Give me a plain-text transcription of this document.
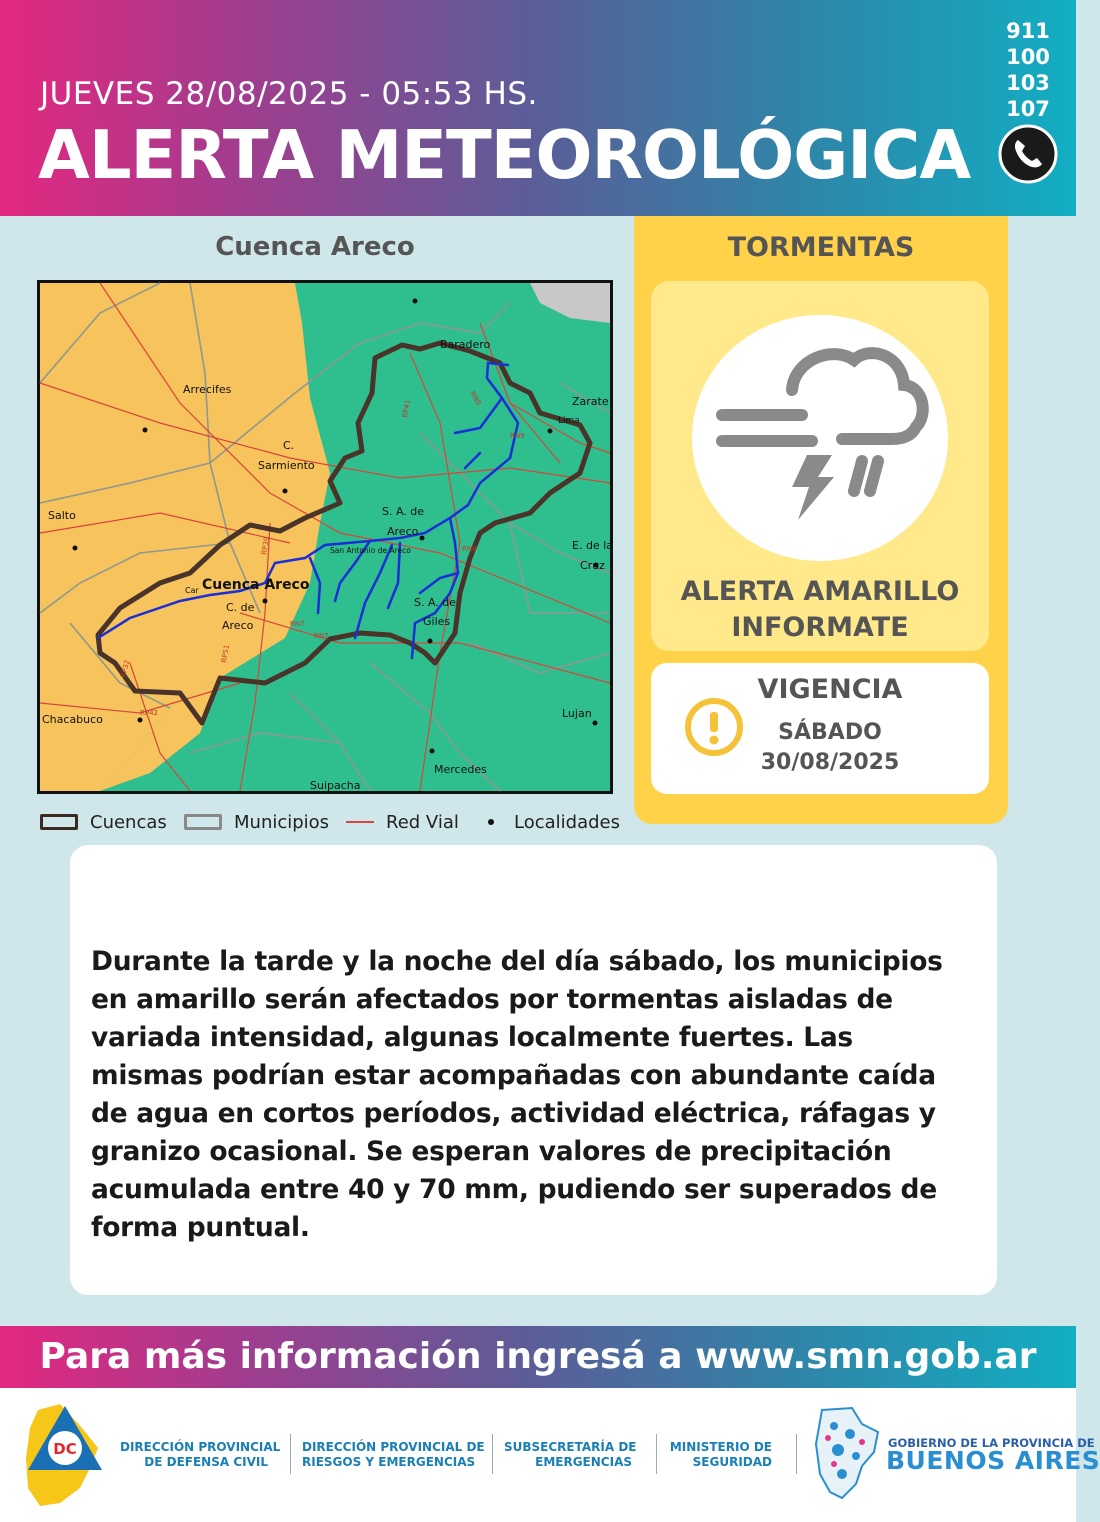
JUEVES 28/08/2025 - 05:53 HS.
ALERTA METEOROLÓGICA
911
100
103
107
Cuenca Areco
Baradero
Zarate
Lima
Arrecifes
C.
Sarmiento
Salto	S. A. de
Areco
San Antonio de Areco	E. de la
Cruz
Cuenca Areco
Car
C. de
Areco
S. A. de
Giles
Chacabuco	Lujan
Mercedes
Suipacha
RP41
RN8
RN9
RN8
RP39
RN7
RN7
RP51
RP32
RP42
Cuencas	Municipios	Red Vial	Localidades
TORMENTAS
ALERTA AMARILLO
INFORMATE
VIGENCIA
SÁBADO
30/08/2025
Durante la tarde y la noche del día sábado, los municipios en amarillo serán afectados por tormentas aisladas de variada intensidad, algunas localmente fuertes. Las mismas podrían estar acompañadas con abundante caída de agua en cortos períodos, actividad eléctrica, ráfagas y granizo ocasional. Se esperan valores de precipitación acumulada entre 40 y 70 mm, pudiendo ser superados de forma puntual.
Para más información ingresá a www.smn.gob.ar
DC	DIRECCIÓN PROVINCIAL
DE DEFENSA CIVIL
DIRECCIÓN PROVINCIAL DE
RIESGOS Y EMERGENCIAS
SUBSECRETARÍA DE
EMERGENCIAS
MINISTERIO DE
SEGURIDAD
GOBIERNO DE LA PROVINCIA DE
BUENOS AIRES
